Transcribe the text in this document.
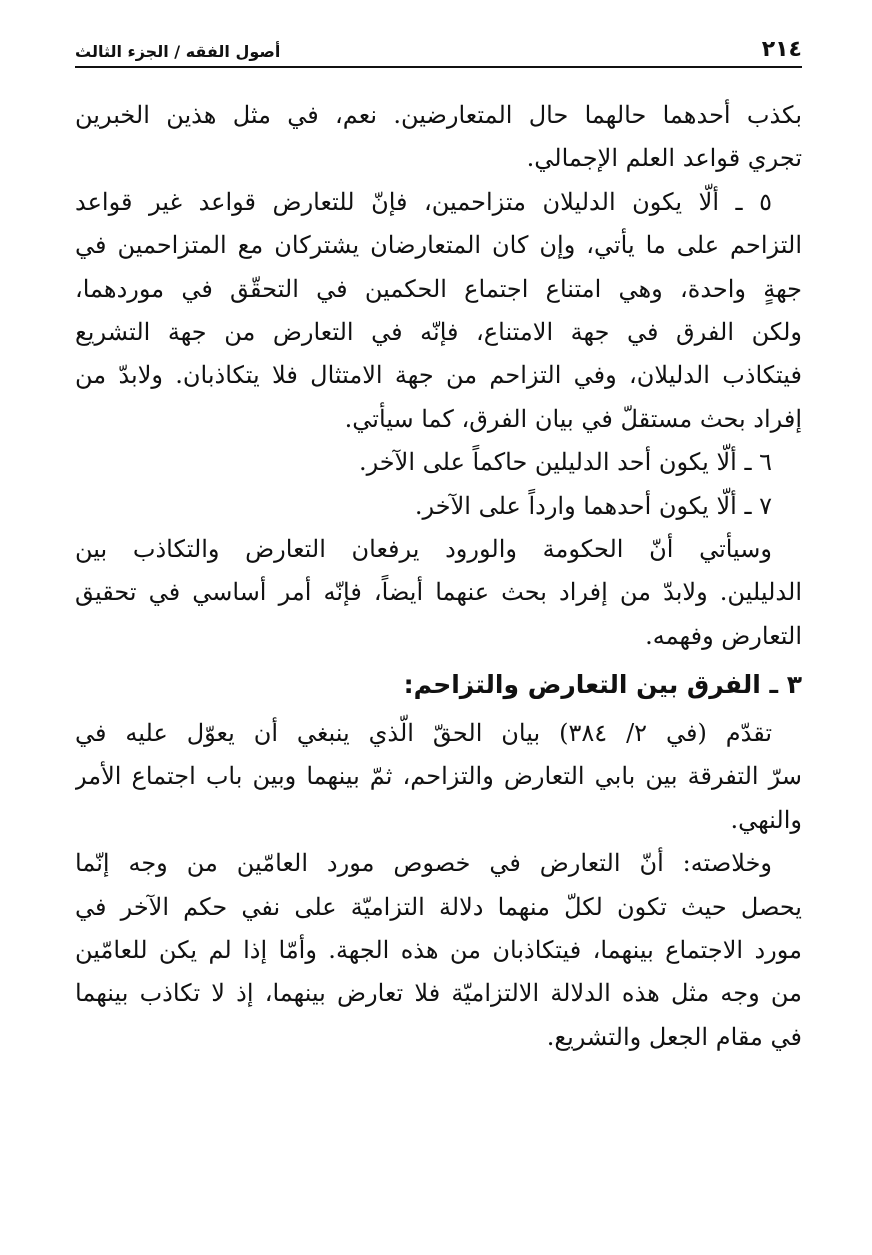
٢١٤
أصول الفقه / الجزء الثالث
بكذب أحدهما حالهما حال المتعارضين. نعم، في مثل هذين الخبرين
تجري قواعد العلم الإجمالي.
٥ ـ ألّا يكون الدليلان متزاحمين، فإنّ للتعارض قواعد غير قواعد
التزاحم على ما يأتي، وإن كان المتعارضان يشتركان مع المتزاحمين في
جهةٍ واحدة، وهي امتناع اجتماع الحكمين في التحقّق في موردهما،
ولكن الفرق في جهة الامتناع، فإنّه في التعارض من جهة التشريع
فيتكاذب الدليلان، وفي التزاحم من جهة الامتثال فلا يتكاذبان. ولابدّ من
إفراد بحث مستقلّ في بيان الفرق، كما سيأتي.
٦ ـ ألّا يكون أحد الدليلين حاكماً على الآخر.
٧ ـ ألّا يكون أحدهما وارداً على الآخر.
وسيأتي أنّ الحكومة والورود يرفعان التعارض والتكاذب بين
الدليلين. ولابدّ من إفراد بحث عنهما أيضاً، فإنّه أمر أساسي في تحقيق
التعارض وفهمه.
٣ ـ الفرق بين التعارض والتزاحم:
تقدّم (في ٢/ ٣٨٤) بيان الحقّ الّذي ينبغي أن يعوّل عليه في
سرّ التفرقة بين بابي التعارض والتزاحم، ثمّ بينهما وبين باب اجتماع الأمر
والنهي.
وخلاصته: أنّ التعارض في خصوص مورد العامّين من وجه إنّما
يحصل حيث تكون لكلّ منهما دلالة التزاميّة على نفي حكم الآخر في
مورد الاجتماع بينهما، فيتكاذبان من هذه الجهة. وأمّا إذا لم يكن للعامّين
من وجه مثل هذه الدلالة الالتزاميّة فلا تعارض بينهما، إذ لا تكاذب بينهما
في مقام الجعل والتشريع.
